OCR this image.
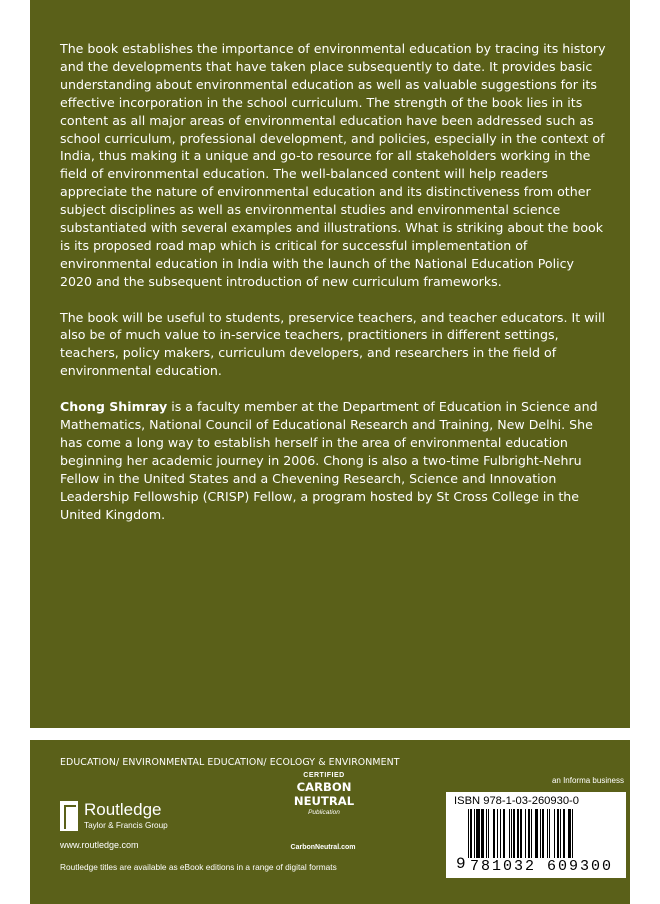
The book establishes the importance of environmental education by tracing its history and the developments that have taken place subsequently to date. It provides basic understanding about environmental education as well as valuable suggestions for its effective incorporation in the school curriculum. The strength of the book lies in its content as all major areas of environmental education have been addressed such as school curriculum, professional development, and policies, especially in the context of India, thus making it a unique and go-to resource for all stakeholders working in the field of environmental education. The well-balanced content will help readers appreciate the nature of environmental education and its distinctiveness from other subject disciplines as well as environmental studies and environmental science substantiated with several examples and illustrations. What is striking about the book is its proposed road map which is critical for successful implementation of environmental education in India with the launch of the National Education Policy 2020 and the subsequent introduction of new curriculum frameworks.

The book will be useful to students, preservice teachers, and teacher educators. It will also be of much value to in-service teachers, practitioners in different settings, teachers, policy makers, curriculum developers, and researchers in the field of environmental education.

Chong Shimray is a faculty member at the Department of Education in Science and Mathematics, National Council of Educational Research and Training, New Delhi. She has come a long way to establish herself in the area of environmental education beginning her academic journey in 2006. Chong is also a two-time Fulbright-Nehru Fellow in the United States and a Chevening Research, Science and Innovation Leadership Fellowship (CRISP) Fellow, a program hosted by St Cross College in the United Kingdom.

EDUCATION/ ENVIRONMENTAL EDUCATION/ ECOLOGY & ENVIRONMENT
Routledge
Taylor & Francis Group
www.routledge.com
Routledge titles are available as eBook editions in a range of digital formats
CERTIFIED
CARBON
NEUTRAL
Publication
CarbonNeutral.com
an Informa business
ISBN 978-1-03-260930-0
9 781032 609300
